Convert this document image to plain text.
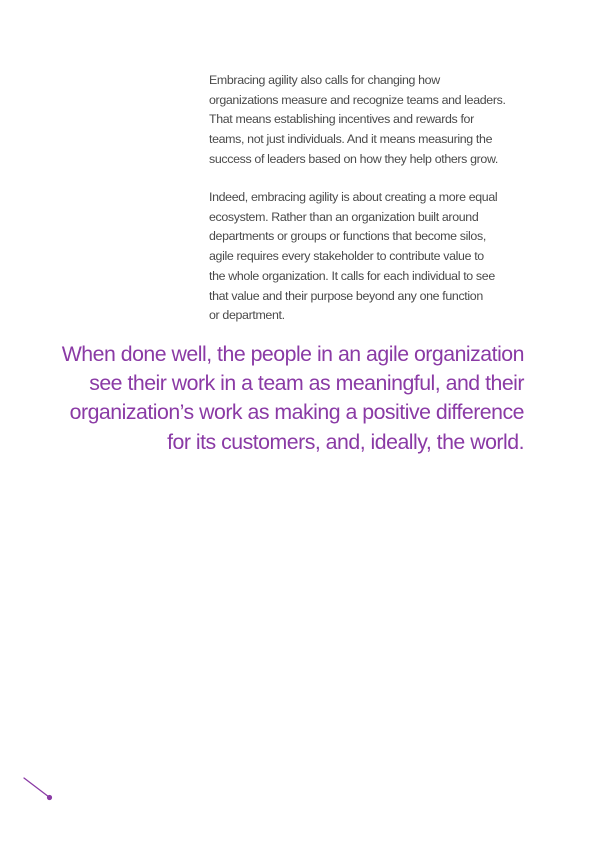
Embracing agility also calls for changing how
organizations measure and recognize teams and leaders.
That means establishing incentives and rewards for
teams, not just individuals. And it means measuring the
success of leaders based on how they help others grow.
Indeed, embracing agility is about creating a more equal
ecosystem. Rather than an organization built around
departments or groups or functions that become silos,
agile requires every stakeholder to contribute value to
the whole organization. It calls for each individual to see
that value and their purpose beyond any one function
or department.
When done well, the people in an agile organization
see their work in a team as meaningful, and their
organization’s work as making a positive difference
for its customers, and, ideally, the world.
